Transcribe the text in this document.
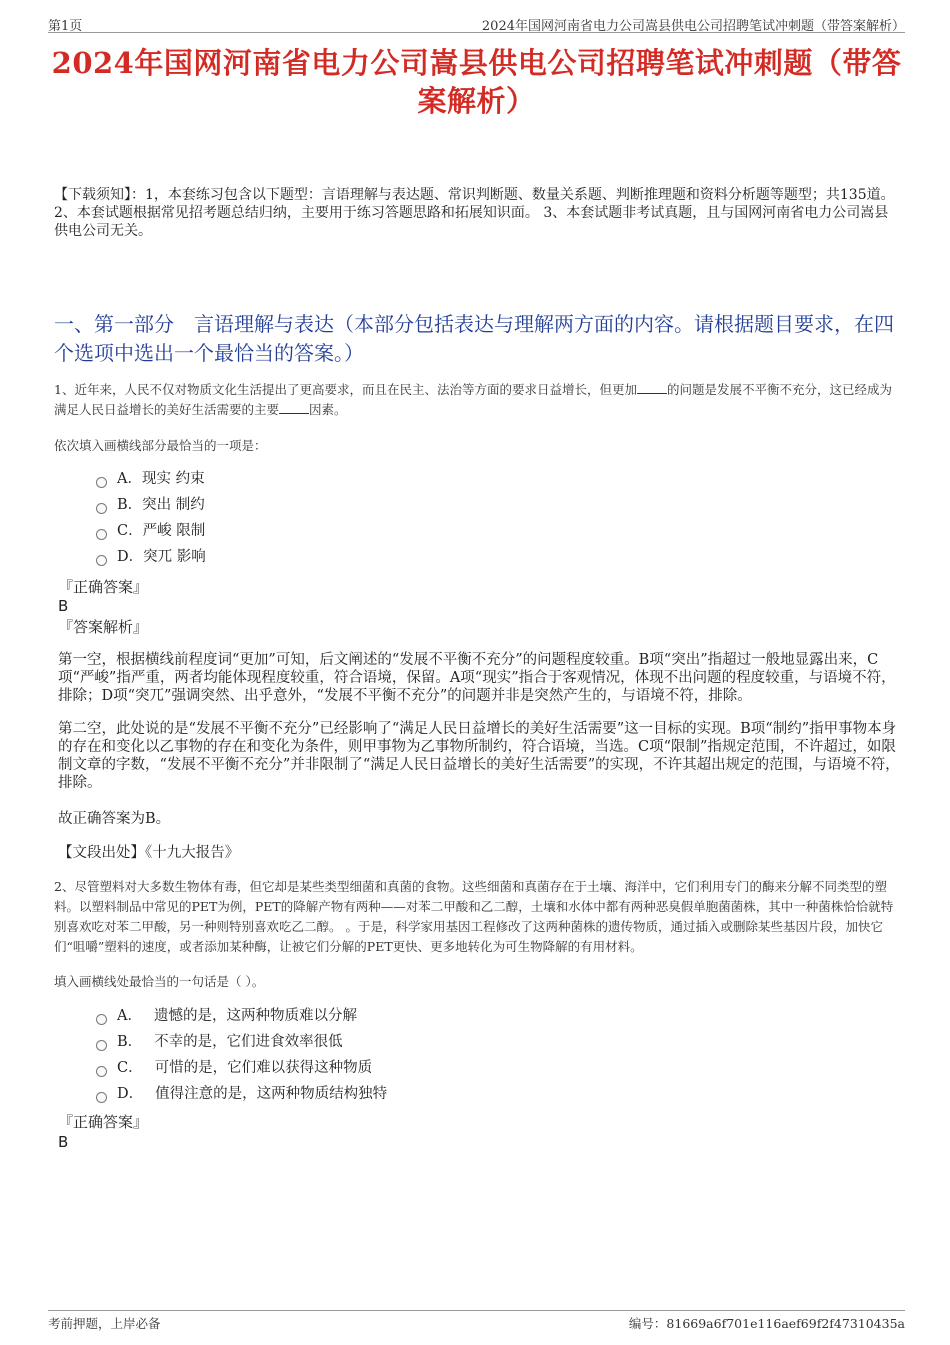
第1页	2024年国网河南省电力公司嵩县供电公司招聘笔试冲刺题（带答案解析）
2024年国网河南省电力公司嵩县供电公司招聘笔试冲刺题（带答案解析）
【下载须知】：1，本套练习包含以下题型：言语理解与表达题、常识判断题、数量关系题、判断推理题和资料分析题等题型；共135道。 2、本套试题根据常见招考题总结归纳，主要用于练习答题思路和拓展知识面。 3、本套试题非考试真题，且与国网河南省电力公司嵩县供电公司无关。
一、第一部分　言语理解与表达（本部分包括表达与理解两方面的内容。请根据题目要求，在四个选项中选出一个最恰当的答案。）
1、近年来，人民不仅对物质文化生活提出了更高要求，而且在民主、法治等方面的要求日益增长，但更加 的问题是发展不平衡不充分，这已经成为满足人民日益增长的美好生活需要的主要 因素。
依次填入画横线部分最恰当的一项是：
A． 现实 约束
B． 突出 制约
C． 严峻 限制
D． 突兀 影响
『正确答案』
B
『答案解析』
第一空，根据横线前程度词“更加”可知，后文阐述的“发展不平衡不充分”的问题程度较重。B项“突出”指超过一般地显露出来，C项“严峻”指严重，两者均能体现程度较重，符合语境，保留。A项“现实”指合于客观情况，体现不出问题的程度较重，与语境不符，排除；D项“突兀”强调突然、出乎意外，“发展不平衡不充分”的问题并非是突然产生的，与语境不符，排除。
第二空，此处说的是“发展不平衡不充分”已经影响了“满足人民日益增长的美好生活需要”这一目标的实现。B项“制约”指甲事物本身的存在和变化以乙事物的存在和变化为条件，则甲事物为乙事物所制约，符合语境，当选。C项“限制”指规定范围，不许超过，如限制文章的字数，“发展不平衡不充分”并非限制了“满足人民日益增长的美好生活需要”的实现，不许其超出规定的范围，与语境不符，排除。
故正确答案为B。
【文段出处】《十九大报告》
2、尽管塑料对大多数生物体有毒，但它却是某些类型细菌和真菌的食物。这些细菌和真菌存在于土壤、海洋中，它们利用专门的酶来分解不同类型的塑料。以塑料制品中常见的PET为例，PET的降解产物有两种——对苯二甲酸和乙二醇，土壤和水体中都有两种恶臭假单胞菌菌株，其中一种菌株恰恰就特别喜欢吃对苯二甲酸，另一种则特别喜欢吃乙二醇。 。于是，科学家用基因工程修改了这两种菌株的遗传物质，通过插入或删除某些基因片段，加快它们“咀嚼”塑料的速度，或者添加某种酶，让被它们分解的PET更快、更多地转化为可生物降解的有用材料。
填入画横线处最恰当的一句话是（ ）。
A． 遗憾的是，这两种物质难以分解
B． 不幸的是，它们进食效率很低
C． 可惜的是，它们难以获得这种物质
D． 值得注意的是，这两种物质结构独特
『正确答案』
B
考前押题，上岸必备	编号：81669a6f701e116aef69f2f47310435a
